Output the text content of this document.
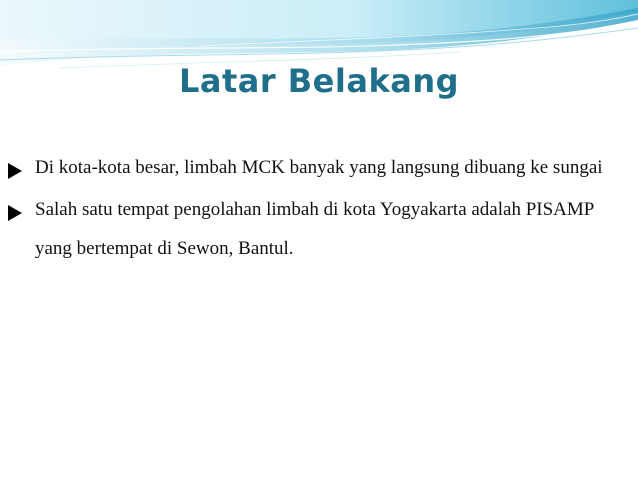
Latar Belakang
Di kota-kota besar, limbah MCK banyak yang langsung dibuang ke sungai
Salah satu tempat pengolahan limbah di kota Yogyakarta adalah PISAMP yang bertempat di Sewon, Bantul.
